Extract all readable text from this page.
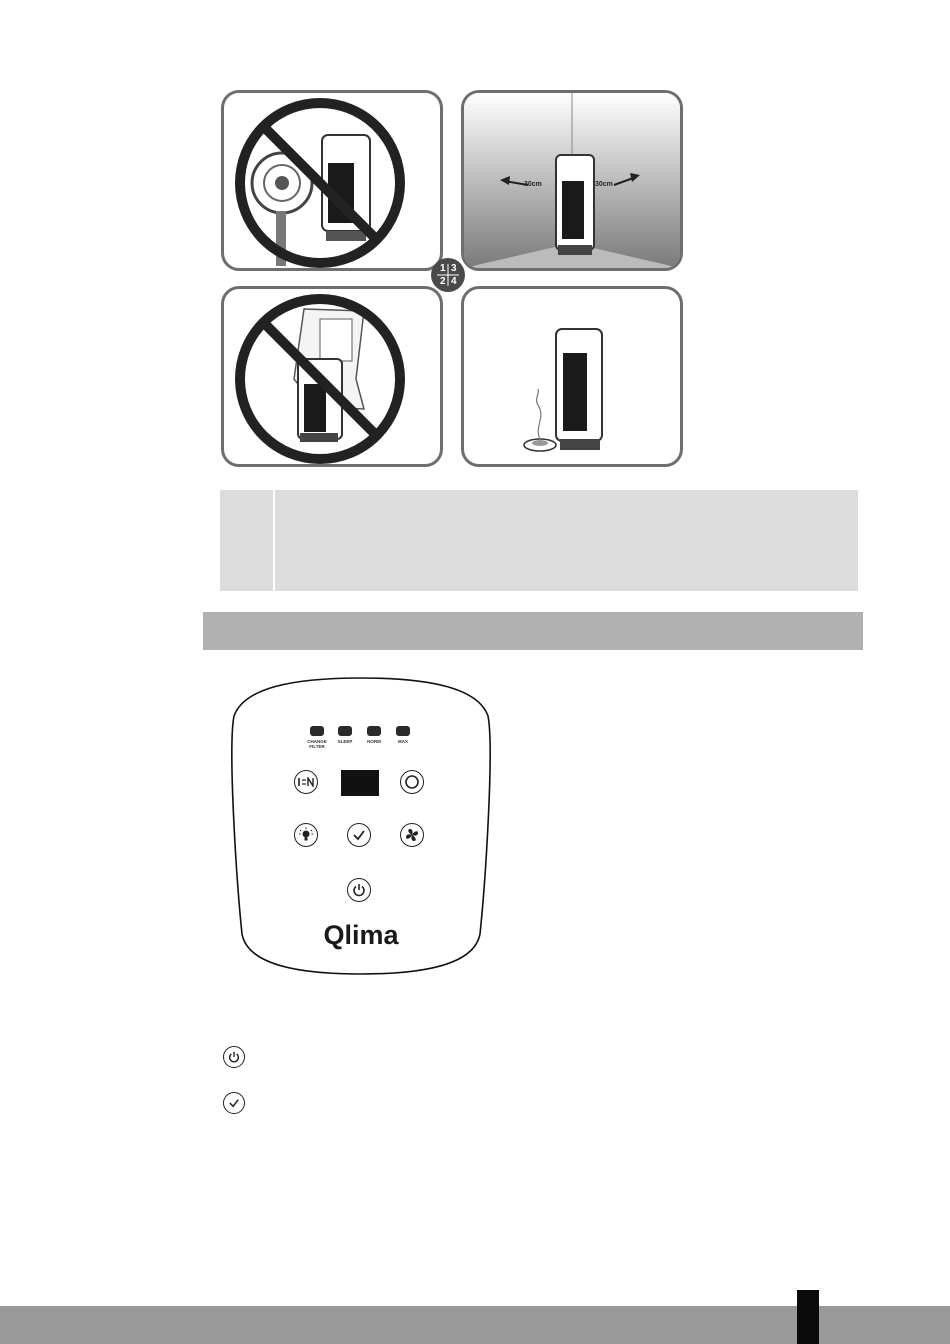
30cm	30cm
1 3
2 4
CHANGE
FILTER
SLEEP	NORM	MAX
Qlima
